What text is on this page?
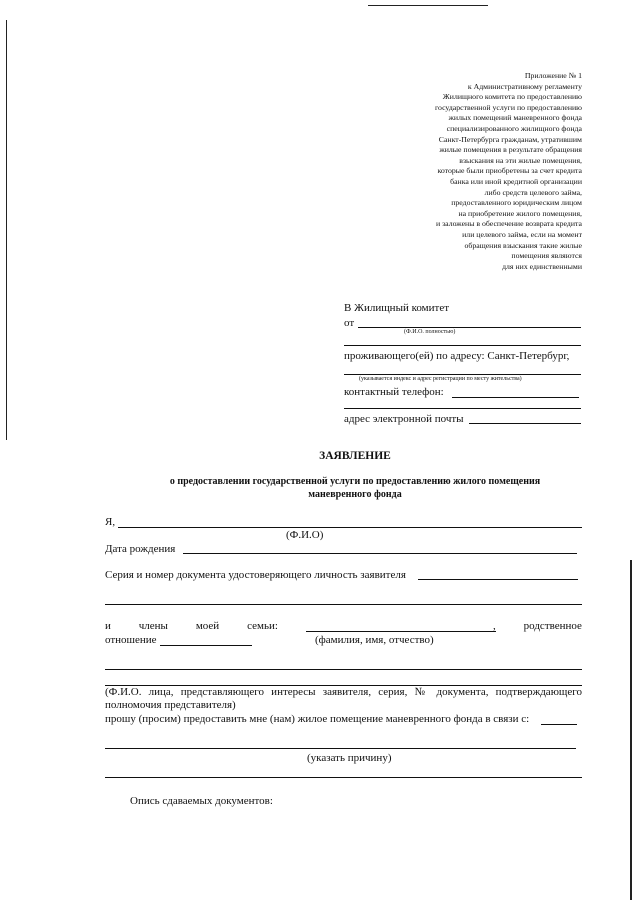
Приложение № 1
к Административному регламенту
Жилищного комитета по предоставлению
государственной услуги по предоставлению
жилых помещений маневренного фонда
специализированного жилищного фонда
Санкт-Петербурга гражданам, утратившим
жилые помещения в результате обращения
взыскания на эти жилые помещения,
которые были приобретены за счет кредита
банка или иной кредитной организации
либо средств целевого займа,
предоставленного юридическим лицом
на приобретение жилого помещения,
и заложены в обеспечение возврата кредита
или целевого займа, если на момент
обращения взыскания такие жилые
помещения являются
для них единственными
В Жилищный комитет
от
(Ф.И.О. полностью)
проживающего(ей) по адресу: Санкт-Петербург,
(указывается индекс и адрес регистрации по месту жительства)
контактный телефон:
адрес электронной почты
ЗАЯВЛЕНИЕ
о предоставлении государственной услуги по предоставлению жилого помещения
маневренного фонда
Я,
(Ф.И.О)
Дата рождения
Серия и номер документа удостоверяющего личность заявителя
и	члены	моей	семьи:	,	родственное
отношение	(фамилия, имя, отчество)
(Ф.И.О. лица, представляющего интересы заявителя, серия, № документа, подтверждающего
полномочия представителя)
прошу (просим) предоставить мне (нам) жилое помещение маневренного фонда в связи с:
(указать причину)
Опись сдаваемых документов:
